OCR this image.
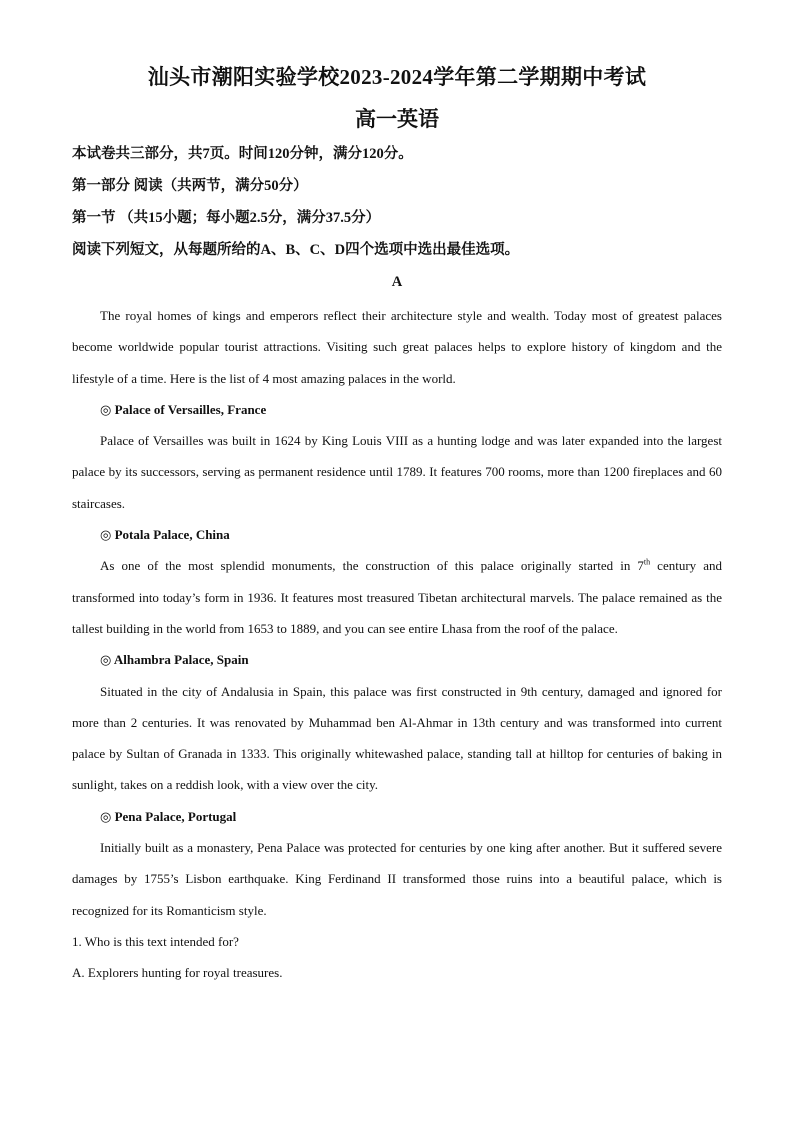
汕头市潮阳实验学校2023-2024学年第二学期期中考试

高一英语

本试卷共三部分，共7页。时间120分钟，满分120分。

第一部分 阅读（共两节，满分50分）

第一节 （共15小题；每小题2.5分，满分37.5分）

阅读下列短文，从每题所给的A、B、C、D四个选项中选出最佳选项。

A

The royal homes of kings and emperors reflect their architecture style and wealth. Today most of greatest palaces become worldwide popular tourist attractions. Visiting such great palaces helps to explore history of kingdom and the lifestyle of a time. Here is the list of 4 most amazing palaces in the world.

◎ Palace of Versailles, France

Palace of Versailles was built in 1624 by King Louis VIII as a hunting lodge and was later expanded into the largest palace by its successors, serving as permanent residence until 1789. It features 700 rooms, more than 1200 fireplaces and 60 staircases.

◎ Potala Palace, China

As one of the most splendid monuments, the construction of this palace originally started in 7th century and transformed into today’s form in 1936. It features most treasured Tibetan architectural marvels. The palace remained as the tallest building in the world from 1653 to 1889, and you can see entire Lhasa from the roof of the palace.

◎ Alhambra Palace, Spain

Situated in the city of Andalusia in Spain, this palace was first constructed in 9th century, damaged and ignored for more than 2 centuries. It was renovated by Muhammad ben Al-Ahmar in 13th century and was transformed into current palace by Sultan of Granada in 1333. This originally whitewashed palace, standing tall at hilltop for centuries of baking in sunlight, takes on a reddish look, with a view over the city.

◎ Pena Palace, Portugal

Initially built as a monastery, Pena Palace was protected for centuries by one king after another. But it suffered severe damages by 1755’s Lisbon earthquake. King Ferdinand II transformed those ruins into a beautiful palace, which is recognized for its Romanticism style.

1. Who is this text intended for?

A. Explorers hunting for royal treasures.
